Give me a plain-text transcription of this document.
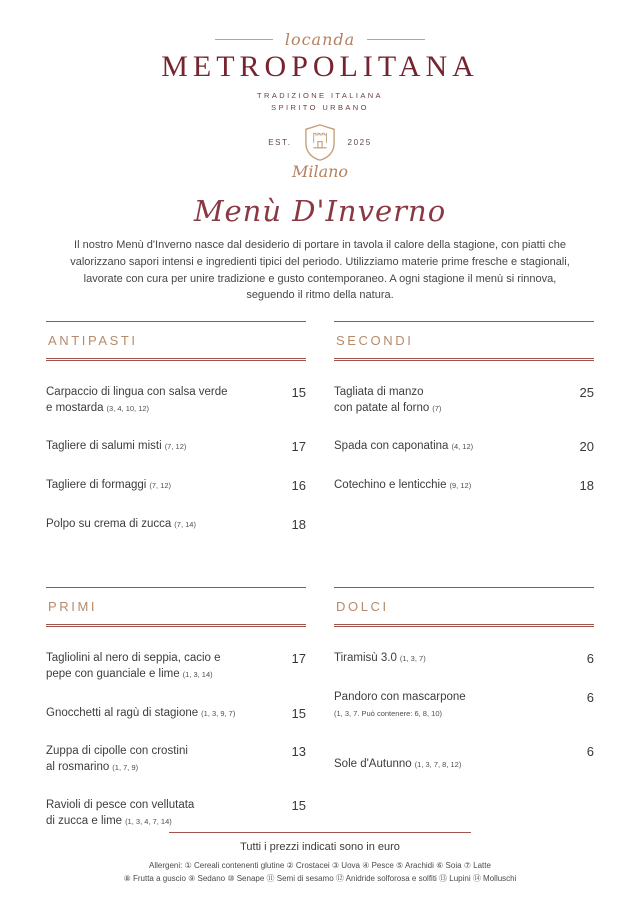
locanda
METROPOLITANA
TRADIZIONE ITALIANA
SPIRITO URBANO
EST.	2025
Milano
Menù D'Inverno

Il nostro Menù d'Inverno nasce dal desiderio di portare in tavola il calore della stagione, con piatti che valorizzano sapori intensi e ingredienti tipici del periodo. Utilizziamo materie prime fresche e stagionali, lavorate con cura per unire tradizione e gusto contemporaneo. A ogni stagione il menù si rinnova, seguendo il ritmo della natura.

ANTIPASTI
Carpaccio di lingua con salsa verde
e mostarda (3, 4, 10, 12)
15
Tagliere di salumi misti (7, 12)	17
Tagliere di formaggi (7, 12)	16
Polpo su crema di zucca (7, 14)	18
SECONDI
Tagliata di manzo
con patate al forno (7)
25
Spada con caponatina (4, 12)	20
Cotechino e lenticchie (9, 12)	18
PRIMI
Tagliolini al nero di seppia, cacio e
pepe con guanciale e lime (1, 3, 14)
17
Gnocchetti al ragù di stagione (1, 3, 9, 7)	15
Zuppa di cipolle con crostini
al rosmarino (1, 7, 9)
13
Ravioli di pesce con vellutata
di zucca e lime (1, 3, 4, 7, 14)
15
DOLCI
Tiramisù 3.0 (1, 3, 7)	6
Pandoro con mascarpone
(1, 3, 7. Può contenere: 6, 8, 10)
6
Sole d'Autunno (1, 3, 7, 8, 12)
6
Tutti i prezzi indicati sono in euro
Allergeni: ① Cereali contenenti glutine ② Crostacei ③ Uova ④ Pesce ⑤ Arachidi ⑥ Soia ⑦ Latte
⑧ Frutta a guscio ⑨ Sedano ⑩ Senape ⑪ Semi di sesamo ⑫ Anidride solforosa e solfiti ⑬ Lupini ⑭ Molluschi
